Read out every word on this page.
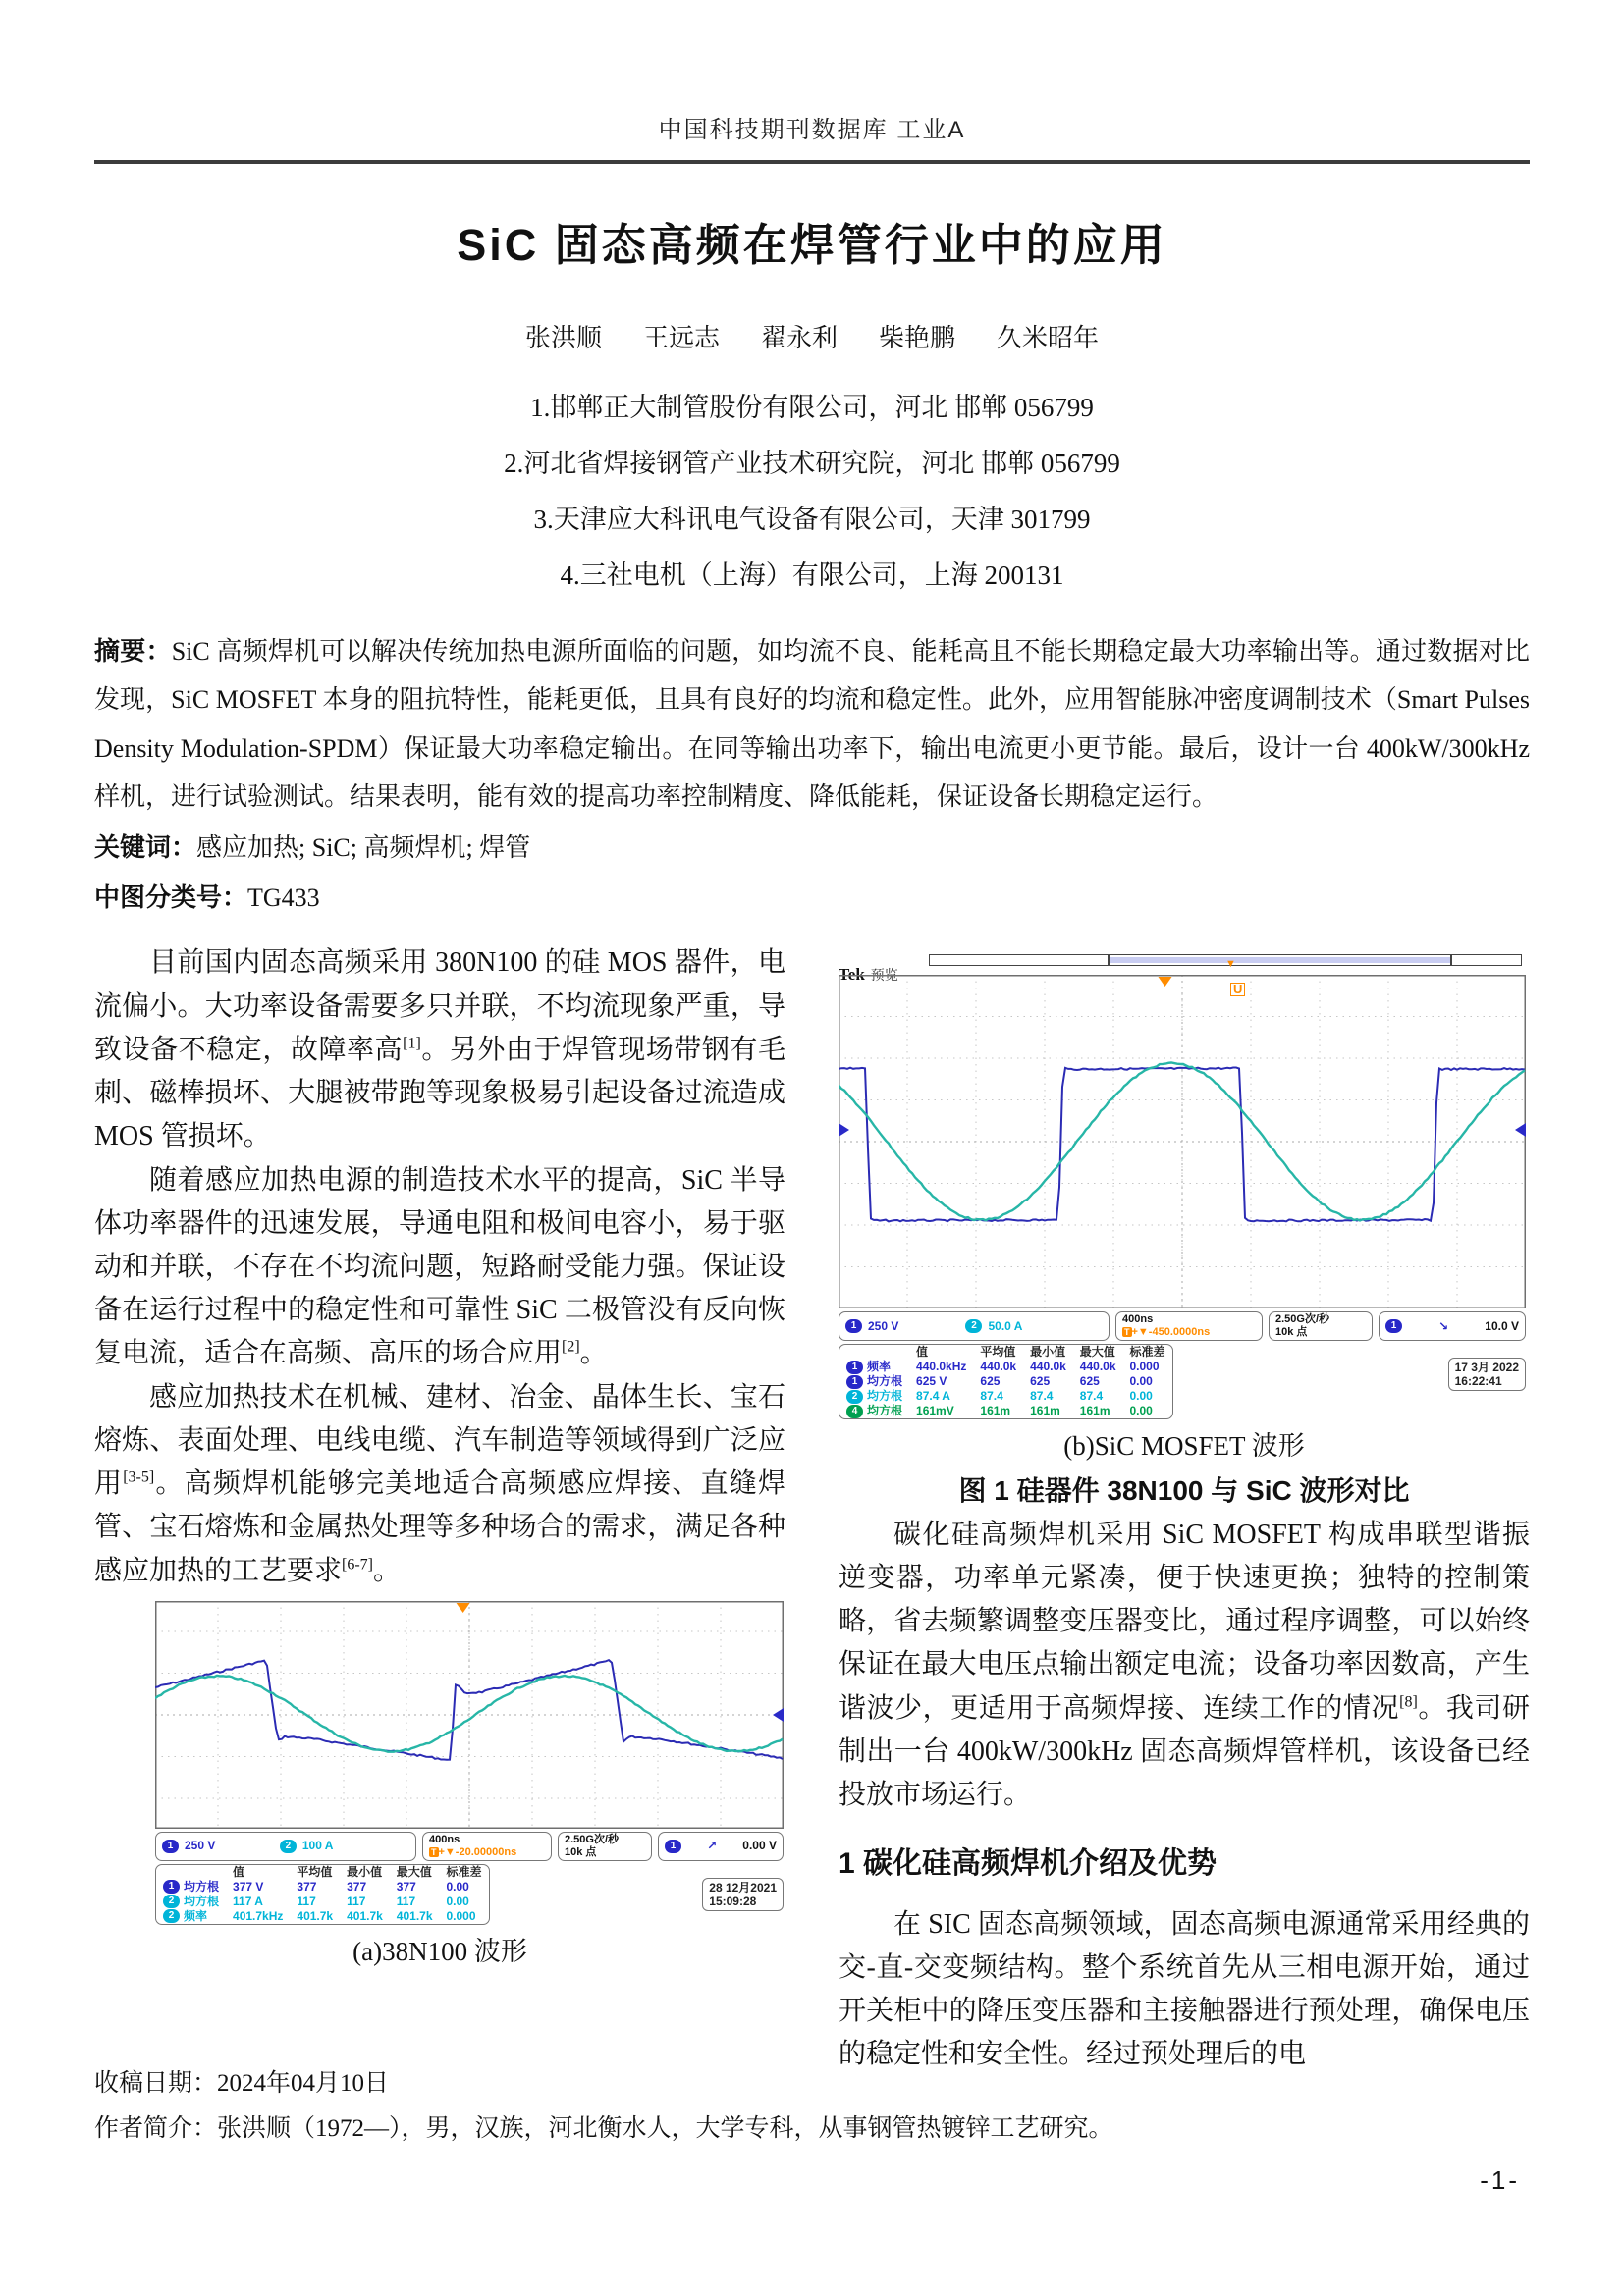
中国科技期刊数据库 工业A
SiC 固态高频在焊管行业中的应用
张洪顺 王远志 翟永利 柴艳鹏 久米昭年
1.邯郸正大制管股份有限公司，河北 邯郸 056799
2.河北省焊接钢管产业技术研究院，河北 邯郸 056799
3.天津应大科讯电气设备有限公司，天津 301799
4.三社电机（上海）有限公司，上海 200131

摘要：SiC 高频焊机可以解决传统加热电源所面临的问题，如均流不良、能耗高且不能长期稳定最大功率输出等。通过数据对比发现，SiC MOSFET 本身的阻抗特性，能耗更低，且具有良好的均流和稳定性。此外，应用智能脉冲密度调制技术（Smart Pulses Density Modulation-SPDM）保证最大功率稳定输出。在同等输出功率下，输出电流更小更节能。最后，设计一台 400kW/300kHz 样机，进行试验测试。结果表明，能有效的提高功率控制精度、降低能耗，保证设备长期稳定运行。

关键词：感应加热; SiC; 高频焊机; 焊管

中图分类号：TG433

目前国内固态高频采用 380N100 的硅 MOS 器件，电流偏小。大功率设备需要多只并联，不均流现象严重，导致设备不稳定，故障率高[1]。另外由于焊管现场带钢有毛刺、磁棒损坏、大腿被带跑等现象极易引起设备过流造成 MOS 管损坏。

随着感应加热电源的制造技术水平的提高，SiC 半导体功率器件的迅速发展，导通电阻和极间电容小，易于驱动和并联，不存在不均流问题，短路耐受能力强。保证设备在运行过程中的稳定性和可靠性 SiC 二极管没有反向恢复电流，适合在高频、高压的场合应用[2]。

感应加热技术在机械、建材、冶金、晶体生长、宝石熔炼、表面处理、电线电缆、汽车制造等领域得到广泛应用[3-5]。高频焊机能够完美地适合高频感应焊接、直缝焊管、宝石熔炼和金属热处理等多种场合的需求，满足各种感应加热的工艺要求[6-7]。

1 250 V	2 100 A	400ns
T +▼-20.00000ns
2.50G次/秒
10k 点
1	↗ 0.00 V
	值	平均值	最小值	最大值	标准差

1 均方根 377 V	377	377	377	0.00

2 均方根 117 A	117	117	117	0.00

2 频率 401.7kHz	401.7k	401.7k	401.7k	0.000
28 12月2021
15:09:28
(a)38N100 波形
Tek 预览
▼
U
1 250 V	2 50.0 A	400ns
T +▼-450.0000ns
2.50G次/秒
10k 点
1	↘	10.0 V
	值	平均值	最小值	最大值	标准差

1 频率 440.0kHz	440.0k	440.0k	440.0k	0.000

1 均方根 625 V	625	625	625	0.00

2 均方根 87.4 A	87.4	87.4	87.4	0.00

4 均方根 161mV	161m	161m	161m	0.00
17 3月 2022
16:22:41
(b)SiC MOSFET 波形
图 1 硅器件 38N100 与 SiC 波形对比

碳化硅高频焊机采用 SiC MOSFET 构成串联型谐振逆变器，功率单元紧凑，便于快速更换；独特的控制策略，省去频繁调整变压器变比，通过程序调整，可以始终保证在最大电压点输出额定电流；设备功率因数高，产生谐波少，更适用于高频焊接、连续工作的情况[8]。我司研制出一台 400kW/300kHz 固态高频焊管样机，该设备已经投放市场运行。

1 碳化硅高频焊机介绍及优势

在 SIC 固态高频领域，固态高频电源通常采用经典的交-直-交变频结构。整个系统首先从三相电源开始，通过开关柜中的降压变压器和主接触器进行预处理，确保电压的稳定性和安全性。经过预处理后的电

收稿日期：2024年04月10日
作者简介：张洪顺（1972—），男，汉族，河北衡水人，大学专科，从事钢管热镀锌工艺研究。
-1-
